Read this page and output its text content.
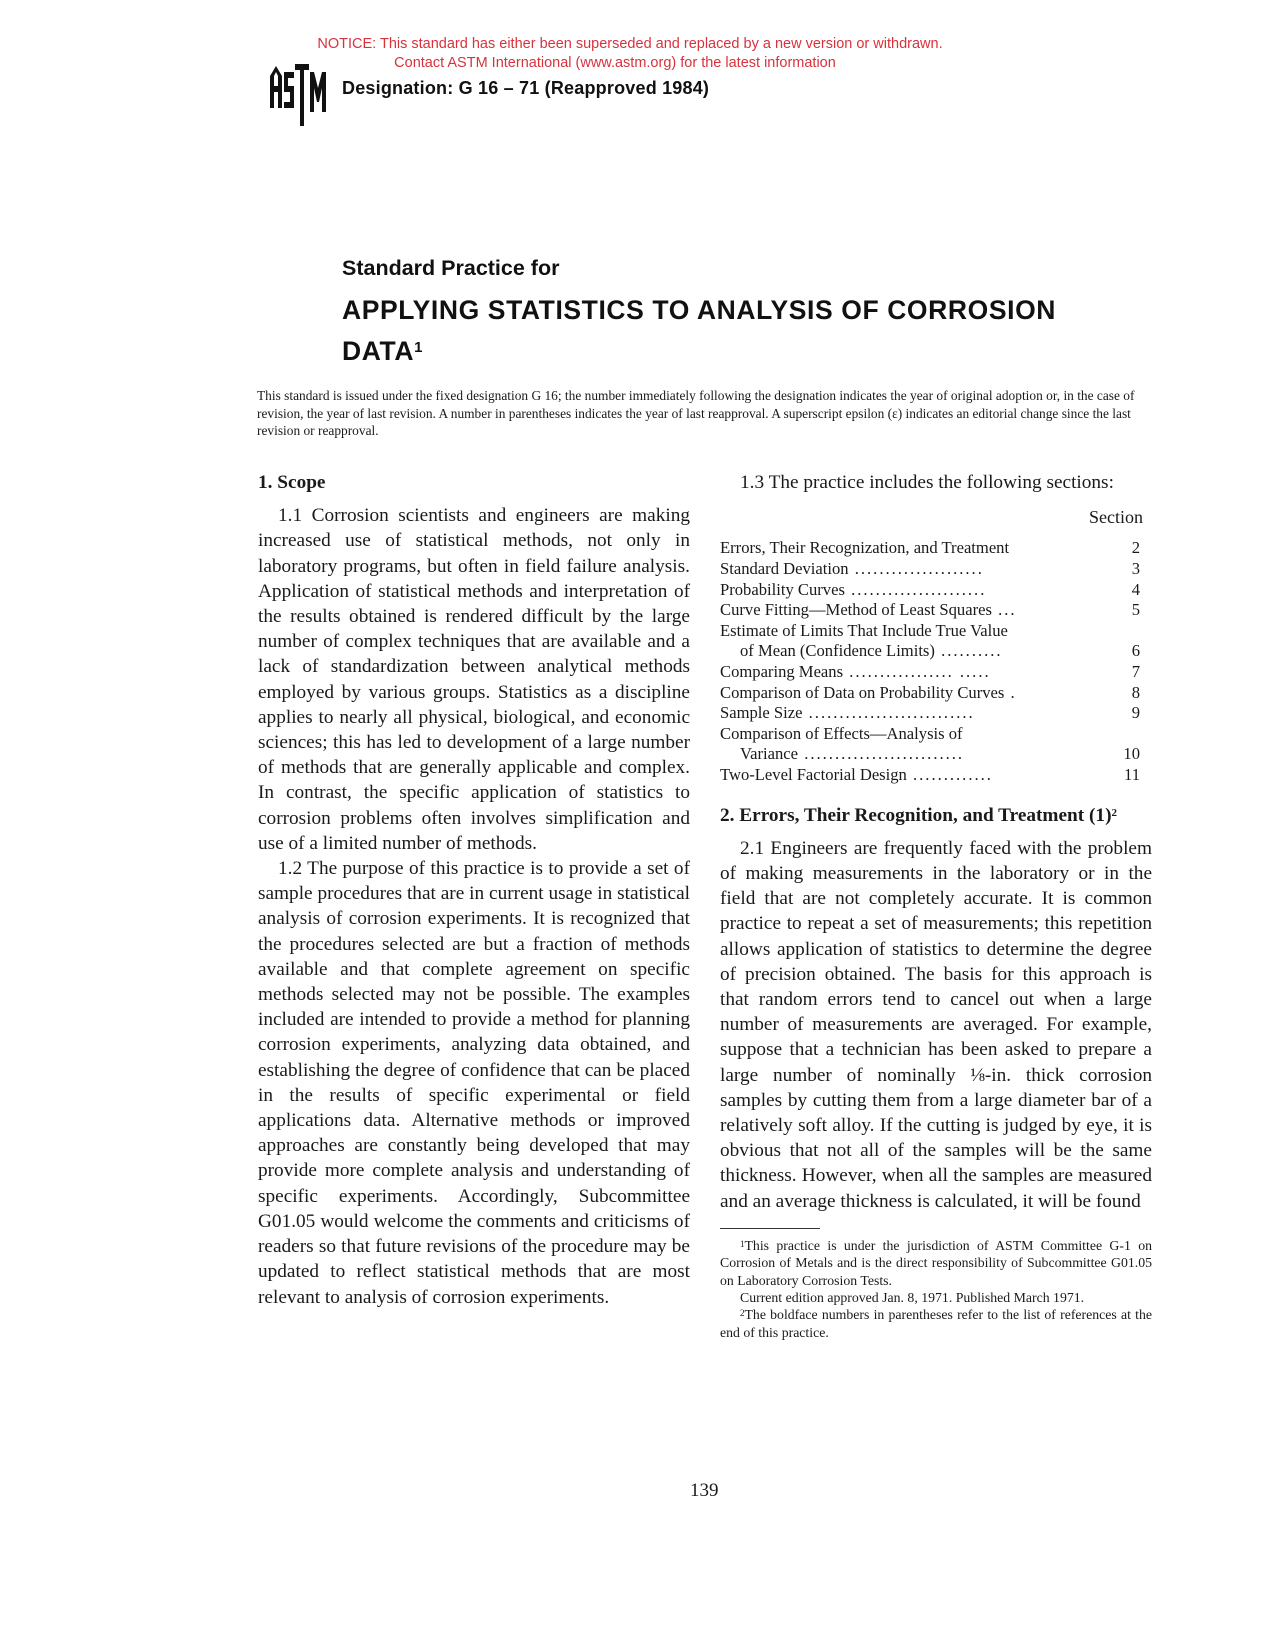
NOTICE: This standard has either been superseded and replaced by a new version or withdrawn.
Contact ASTM International (www.astm.org) for the latest information
Designation: G 16 – 71 (Reapproved 1984)
Standard Practice for
APPLYING STATISTICS TO ANALYSIS OF CORROSION DATA$^1$
This standard is issued under the fixed designation G 16; the number immediately following the designation indicates the year of original adoption or, in the case of revision, the year of last revision. A number in parentheses indicates the year of last reapproval. A superscript epsilon (ε) indicates an editorial change since the last revision or reapproval.
1. Scope

1.1 Corrosion scientists and engineers are making increased use of statistical methods, not only in laboratory programs, but often in field failure analysis. Application of statistical methods and interpretation of the results obtained is rendered difficult by the large number of complex techniques that are available and a lack of standardization between analytical methods employed by various groups. Statistics as a discipline applies to nearly all physical, biological, and economic sciences; this has led to development of a large number of methods that are generally applicable and complex. In contrast, the specific application of statistics to corrosion problems often involves simplification and use of a limited number of methods.

1.2 The purpose of this practice is to provide a set of sample procedures that are in current usage in statistical analysis of corrosion experiments. It is recognized that the procedures selected are but a fraction of methods available and that complete agreement on specific methods selected may not be possible. The examples included are intended to provide a method for planning corrosion experiments, analyzing data obtained, and establishing the degree of confidence that can be placed in the results of specific experimental or field applications data. Alternative methods or improved approaches are constantly being developed that may provide more complete analysis and understanding of specific experiments. Accordingly, Subcommittee G01.05 would welcome the comments and criticisms of readers so that future revisions of the procedure may be updated to reflect statistical methods that are most relevant to analysis of corrosion experiments.

1.3 The practice includes the following sections:

Section
Errors, Their Recognization, and Treatment	2
Standard Deviation .....................	3
Probability Curves ......................	4
Curve Fitting—Method of Least Squares ...	5
Estimate of Limits That Include True Value
of Mean (Confidence Limits) ..........	6
Comparing Means ................. .....	7
Comparison of Data on Probability Curves .	8
Sample Size ...........................	9
Comparison of Effects—Analysis of
Variance ..........................	10
Two-Level Factorial Design .............	11
2. Errors, Their Recognition, and Treatment $(1)^2$

2.1 Engineers are frequently faced with the problem of making measurements in the laboratory or in the field that are not completely accurate. It is common practice to repeat a set of measurements; this repetition allows application of statistics to determine the degree of precision obtained. The basis for this approach is that random errors tend to cancel out when a large number of measurements are averaged. For example, suppose that a technician has been asked to prepare a large number of nominally ⅛-in. thick corrosion samples by cutting them from a large diameter bar of a relatively soft alloy. If the cutting is judged by eye, it is obvious that not all of the samples will be the same thickness. However, when all the samples are measured and an average thickness is calculated, it will be found

$^1$This practice is under the jurisdiction of ASTM Committee G-1 on Corrosion of Metals and is the direct responsibility of Subcommittee G01.05 on Laboratory Corrosion Tests.

Current edition approved Jan. 8, 1971. Published March 1971.

$^2$The boldface numbers in parentheses refer to the list of references at the end of this practice.

139
